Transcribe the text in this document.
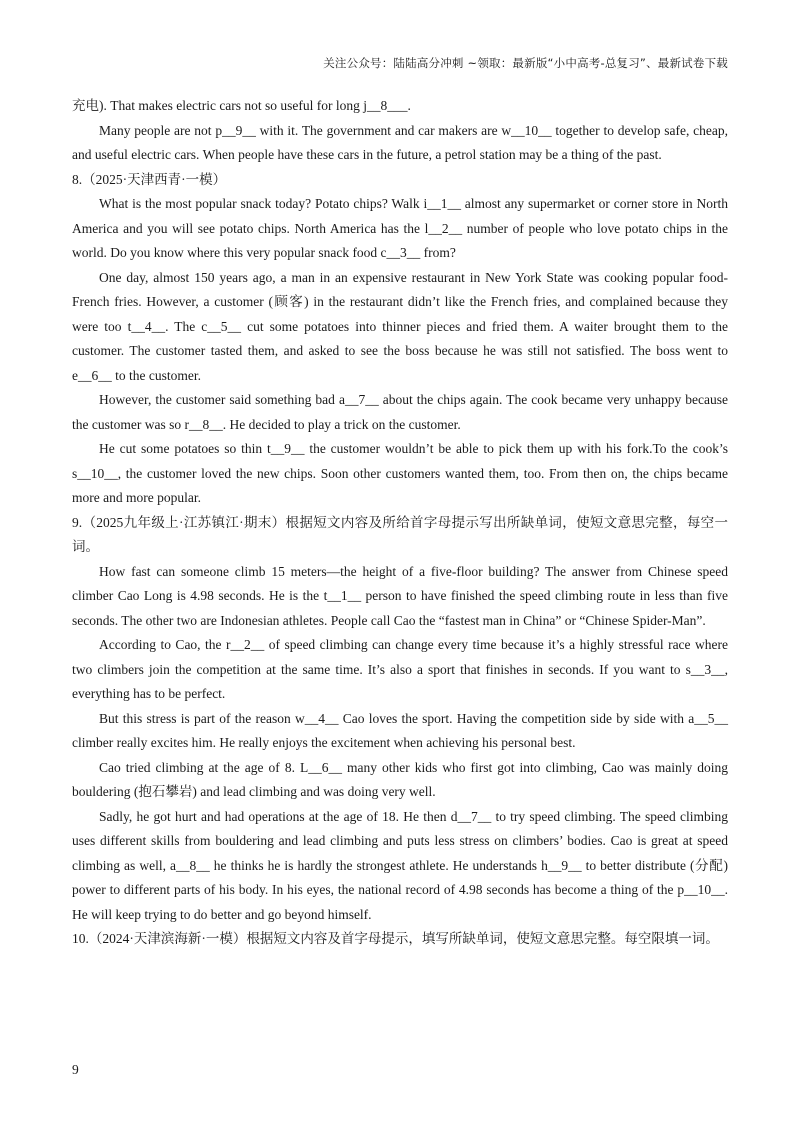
关注公众号：陆陆高分冲刺 ~领取：最新版“小中高考-总复习”、最新试卷下载

充电). That makes electric cars not so useful for long j__8___.

Many people are not p__9__ with it. The government and car makers are w__10__ together to develop safe, cheap, and useful electric cars. When people have these cars in the future, a petrol station may be a thing of the past.

8.（2025·天津西青·一模）

What is the most popular snack today? Potato chips? Walk i__1__ almost any supermarket or corner store in North America and you will see potato chips. North America has the l__2__ number of people who love potato chips in the world. Do you know where this very popular snack food c__3__ from?

One day, almost 150 years ago, a man in an expensive restaurant in New York State was cooking popular food-French fries. However, a customer (顾客) in the restaurant didn’t like the French fries, and complained because they were too t__4__. The c__5__ cut some potatoes into thinner pieces and fried them. A waiter brought them to the customer. The customer tasted them, and asked to see the boss because he was still not satisfied. The boss went to e__6__ to the customer.

However, the customer said something bad a__7__ about the chips again. The cook became very unhappy because the customer was so r__8__. He decided to play a trick on the customer.

He cut some potatoes so thin t__9__ the customer wouldn’t be able to pick them up with his fork.To the cook’s s__10__, the customer loved the new chips. Soon other customers wanted them, too. From then on, the chips became more and more popular.

9.（2025九年级上·江苏镇江·期末）根据短文内容及所给首字母提示写出所缺单词，使短文意思完整，每空一词。

How fast can someone climb 15 meters—the height of a five-floor building? The answer from Chinese speed climber Cao Long is 4.98 seconds. He is the t__1__ person to have finished the speed climbing route in less than five seconds. The other two are Indonesian athletes. People call Cao the “fastest man in China” or “Chinese Spider-Man”.

According to Cao, the r__2__ of speed climbing can change every time because it’s a highly stressful race where two climbers join the competition at the same time. It’s also a sport that finishes in seconds. If you want to s__3__, everything has to be perfect.

But this stress is part of the reason w__4__ Cao loves the sport. Having the competition side by side with a__5__ climber really excites him. He really enjoys the excitement when achieving his personal best.

Cao tried climbing at the age of 8. L__6__ many other kids who first got into climbing, Cao was mainly doing bouldering (抱石攀岩) and lead climbing and was doing very well.

Sadly, he got hurt and had operations at the age of 18. He then d__7__ to try speed climbing. The speed climbing uses different skills from bouldering and lead climbing and puts less stress on climbers’ bodies. Cao is great at speed climbing as well, a__8__ he thinks he is hardly the strongest athlete. He understands h__9__ to better distribute (分配) power to different parts of his body. In his eyes, the national record of 4.98 seconds has become a thing of the p__10__. He will keep trying to do better and go beyond himself.

10.（2024·天津滨海新·一模）根据短文内容及首字母提示，填写所缺单词，使短文意思完整。每空限填一词。

9
